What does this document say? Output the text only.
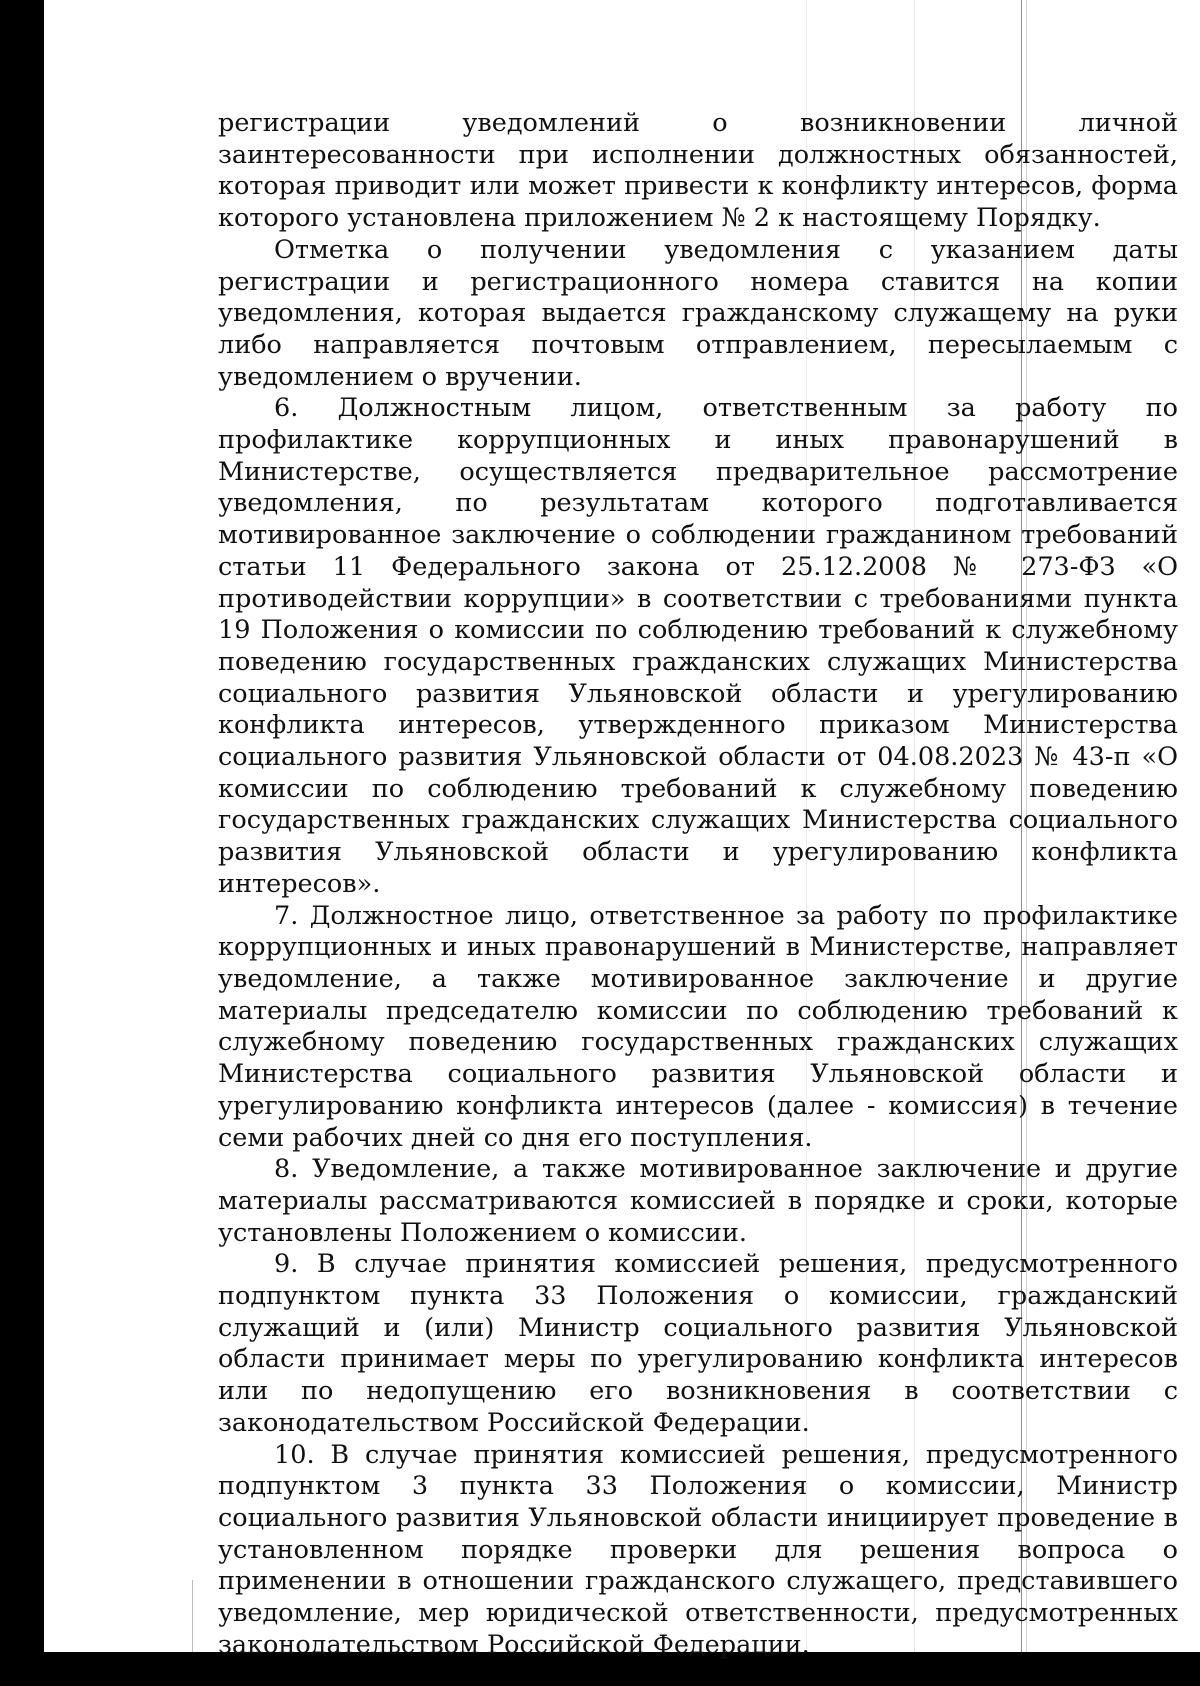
регистрации уведомлений о возникновении личной заинтересованности при исполнении должностных обязанностей, которая приводит или может привести к конфликту интересов, форма которого установлена приложением № 2 к настоящему Порядку.

Отметка о получении уведомления с указанием даты регистрации и регистрационного номера ставится на копии уведомления, которая выдается гражданскому служащему на руки либо направляется почтовым отправлением, пересылаемым с уведомлением о вручении.

6. Должностным лицом, ответственным за работу по профилактике коррупционных и иных правонарушений в Министерстве, осуществляется предварительное рассмотрение уведомления, по результатам которого подготавливается мотивированное заключение о соблюдении гражданином требований статьи 11 Федерального закона от 25.12.2008 № 273-ФЗ «О противодействии коррупции» в соответствии с требованиями пункта 19 Положения о комиссии по соблюдению требований к служебному поведению государственных гражданских служащих Министерства социального развития Ульяновской области и урегулированию конфликта интересов, утвержденного приказом Министерства социального развития Ульяновской области от 04.08.2023 № 43-п «О комиссии по соблюдению требований к служебному поведению государственных гражданских служащих Министерства социального развития Ульяновской области и урегулированию конфликта интересов».

7. Должностное лицо, ответственное за работу по профилактике коррупционных и иных правонарушений в Министерстве, направляет уведомление, а также мотивированное заключение и другие материалы председателю комиссии по соблюдению требований к служебному поведению государственных гражданских служащих Министерства социального развития Ульяновской области и урегулированию конфликта интересов (далее - комиссия) в течение семи рабочих дней со дня его поступления.

8. Уведомление, а также мотивированное заключение и другие материалы рассматриваются комиссией в порядке и сроки, которые установлены Положением о комиссии.

9. В случае принятия комиссией решения, предусмотренного подпунктом пункта 33 Положения о комиссии, гражданский служащий и (или) Министр социального развития Ульяновской области принимает меры по урегулированию конфликта интересов или по недопущению его возникновения в соответствии с законодательством Российской Федерации.

10. В случае принятия комиссией решения, предусмотренного подпунктом 3 пункта 33 Положения о комиссии, Министр социального развития Ульяновской области инициирует проведение в установленном порядке проверки для решения вопроса о применении в отношении гражданского служащего, представившего уведомление, мер юридической ответственности, предусмотренных законодательством Российской Федерации.
